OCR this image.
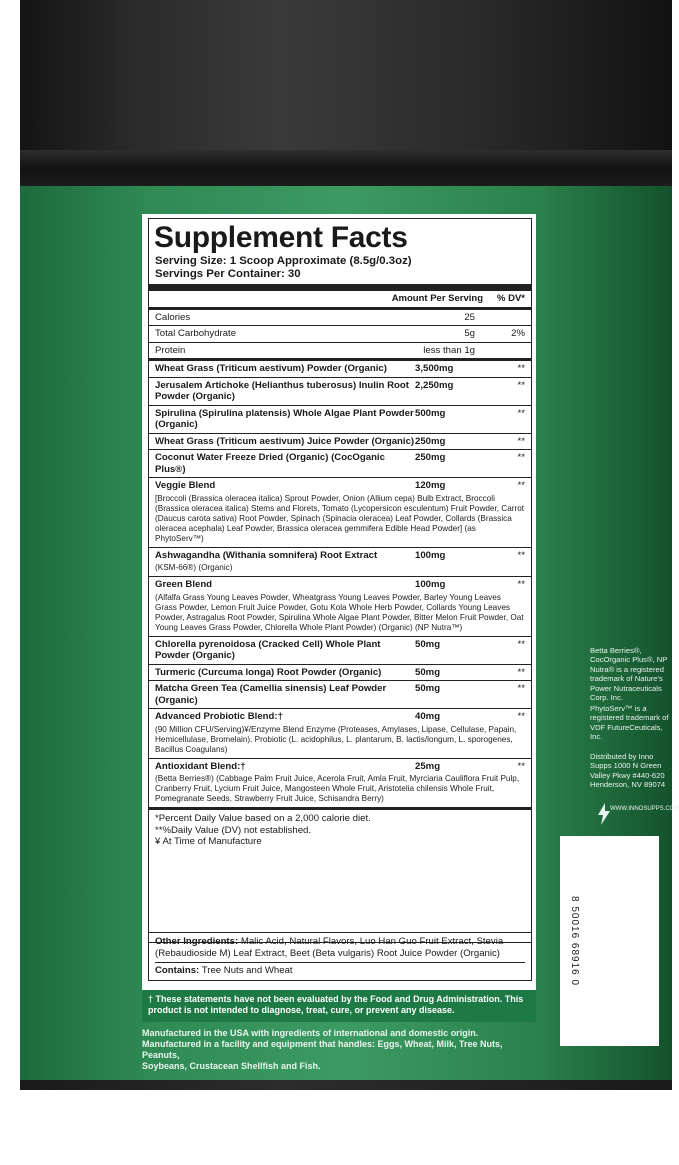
Supplement Facts
Serving Size: 1 Scoop Approximate (8.5g/0.3oz)
Servings Per Container: 30
Amount Per Serving % DV*
Calories	25
Total Carbohydrate	5g	2%
Protein	less than 1g
Wheat Grass (Triticum aestivum) Powder (Organic)	3,500mg	**
Jerusalem Artichoke (Helianthus tuberosus) Inulin Root Powder (Organic)
2,250mg	**
Spirulina (Spirulina platensis) Whole Algae Plant Powder (Organic)
500mg	**
Wheat Grass (Triticum aestivum) Juice Powder (Organic) 250mg	**
Coconut Water Freeze Dried (Organic) (CocOganic Plus®)
250mg	**
Veggie Blend	120mg	**
[Broccoli (Brassica oleracea italica) Sprout Powder, Onion (Allium cepa) Bulb Extract, Broccoli (Brassica oleracea italica) Stems and Florets, Tomato (Lycopersicon esculentum) Fruit Powder, Carrot (Daucus carota sativa) Root Powder, Spinach (Spinacia oleracea) Leaf Powder, Collards (Brassica oleracea acephala) Leaf Powder, Brassica oleracea gemmifera Edible Head Powder] (as PhytoServ™)
Ashwagandha (Withania somnifera) Root Extract	100mg	**
(KSM-66®) (Organic)
Green Blend	100mg	**
(Alfalfa Grass Young Leaves Powder, Wheatgrass Young Leaves Powder, Barley Young Leaves Grass Powder, Lemon Fruit Juice Powder, Gotu Kola Whole Herb Powder, Collards Young Leaves Powder, Astragalus Root Powder, Spirulina Whole Algae Plant Powder, Bitter Melon Fruit Powder, Oat Young Leaves Grass Powder, Chlorella Whole Plant Powder) (Organic) (NP Nutra™)
Chlorella pyrenoidosa (Cracked Cell) Whole Plant Powder (Organic)
50mg	**
Turmeric (Curcuma longa) Root Powder (Organic)	50mg	**
Matcha Green Tea (Camellia sinensis) Leaf Powder (Organic)
50mg	**
Advanced Probiotic Blend:†	40mg	**
(90 Million CFU/Serving)¥/Enzyme Blend Enzyme (Proteases, Amylases, Lipase, Cellulase, Papain, Hemicellulase, Bromelain). Probiotic (L. acidophilus, L. plantarum, B. lactis/longum, L. sporogenes, Bacillus Coagulans)
Antioxidant Blend:†	25mg	**
(Betta Berries®) (Cabbage Palm Fruit Juice, Acerola Fruit, Amla Fruit, Myrciaria Cauliflora Fruit Pulp, Cranberry Fruit, Lycium Fruit Juice, Mangosteen Whole Fruit, Aristotelia chilensis Whole Fruit, Pomegranate Seeds, Strawberry Fruit Juice, Schisandra Berry)
*Percent Daily Value based on a 2,000 calorie diet.
**%Daily Value (DV) not established.
¥ At Time of Manufacture
Other Ingredients: Malic Acid, Natural Flavors, Luo Han Guo Fruit Extract, Stevia (Rebaudioside M) Leaf Extract, Beet (Beta vulgaris) Root Juice Powder (Organic)
Contains: Tree Nuts and Wheat
† These statements have not been evaluated by the Food and Drug Administration. This product is not intended to diagnose, treat, cure, or prevent any disease.
Manufactured in the USA with ingredients of international and domestic origin.
Manufactured in a facility and equipment that handles: Eggs, Wheat, Milk, Tree Nuts, Peanuts,
Soybeans, Crustacean Shellfish and Fish.
Betta Berries®, CocOrganic Plus®, NP Nutra® is a registered trademark of Nature's Power Nutraceuticals Corp. Inc.
PhytoServ™ is a registered trademark of VDF FutureCeuticals, Inc.
Distributed by Inno Supps 1000 N Green Valley Pkwy #440-620 Henderson, NV 89074
WWW.INNOSUPPS.COM
8 50016 68916 0
